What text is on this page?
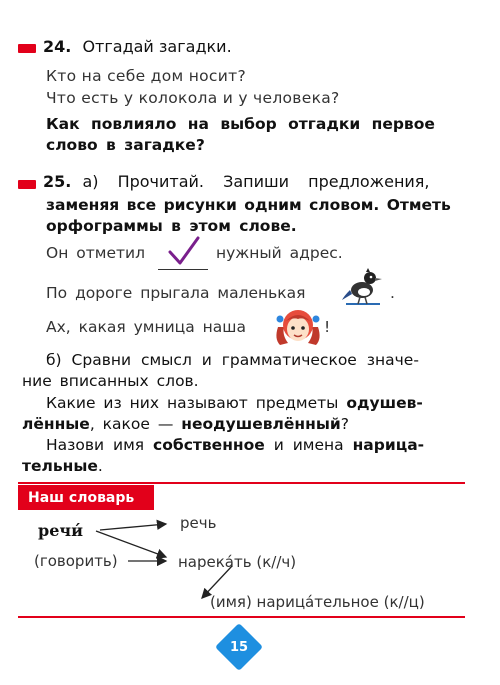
24. Отгадай загадки.
Кто на себе дом носит?
Что есть у колокола и у человека?
Как повлияло на выбор отгадки первое
слово в загадке?
25. а) Прочитай. Запиши предложения,
заменяя все рисунки одним словом. Отметь
орфограммы в этом слове.
Он отметил	нужный адрес.
По дороге прыгала маленькая	.
Ах, какая умница наша	!
б) Сравни смысл и грамматическое значе-
ние вписанных слов.
Какие из них называют предметы одушев-
лённые, какое — неодушевлённый?
Назови имя собственное и имена нарица-
тельные.
Наш словарь
речи́	речь
(говорить)	нарека́ть (к//ч)
(имя) нарица́тельное (к//ц)
15
